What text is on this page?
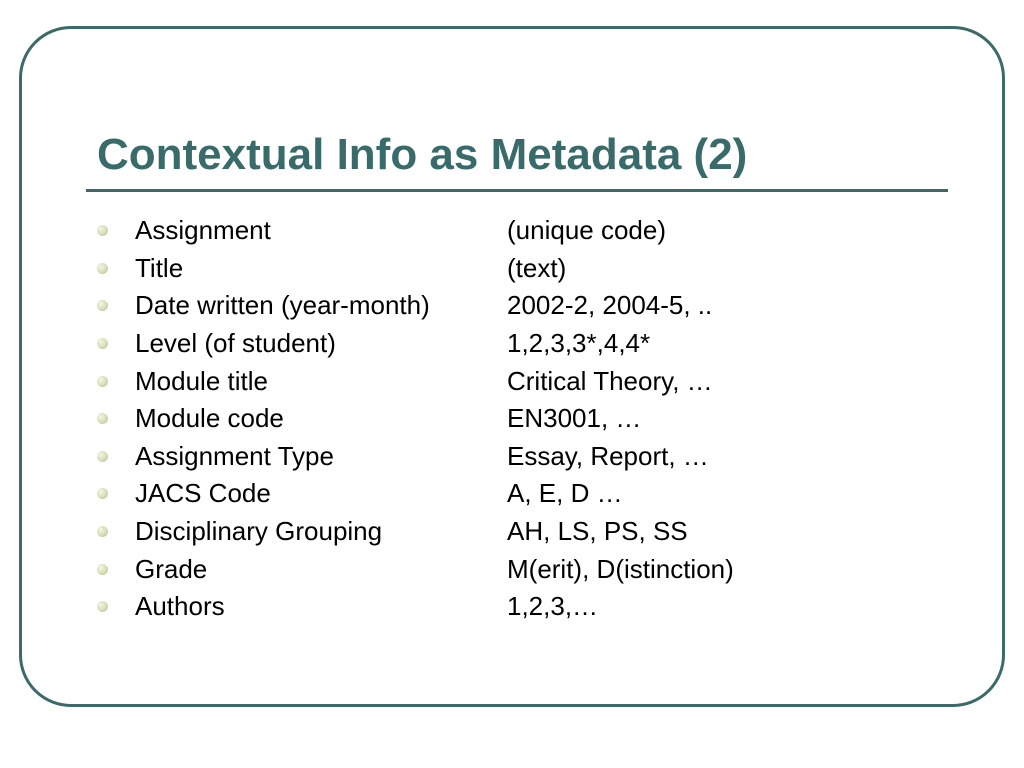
Contextual Info as Metadata (2)
Assignment	(unique code)
Title	(text)
Date written (year-month)	2002-2, 2004-5, ..
Level (of student)	1,2,3,3*,4,4*
Module title	Critical Theory, …
Module code	EN3001, …
Assignment Type	Essay, Report, …
JACS Code	A, E, D …
Disciplinary Grouping	AH, LS, PS, SS
Grade	M(erit), D(istinction)
Authors	1,2,3,…
